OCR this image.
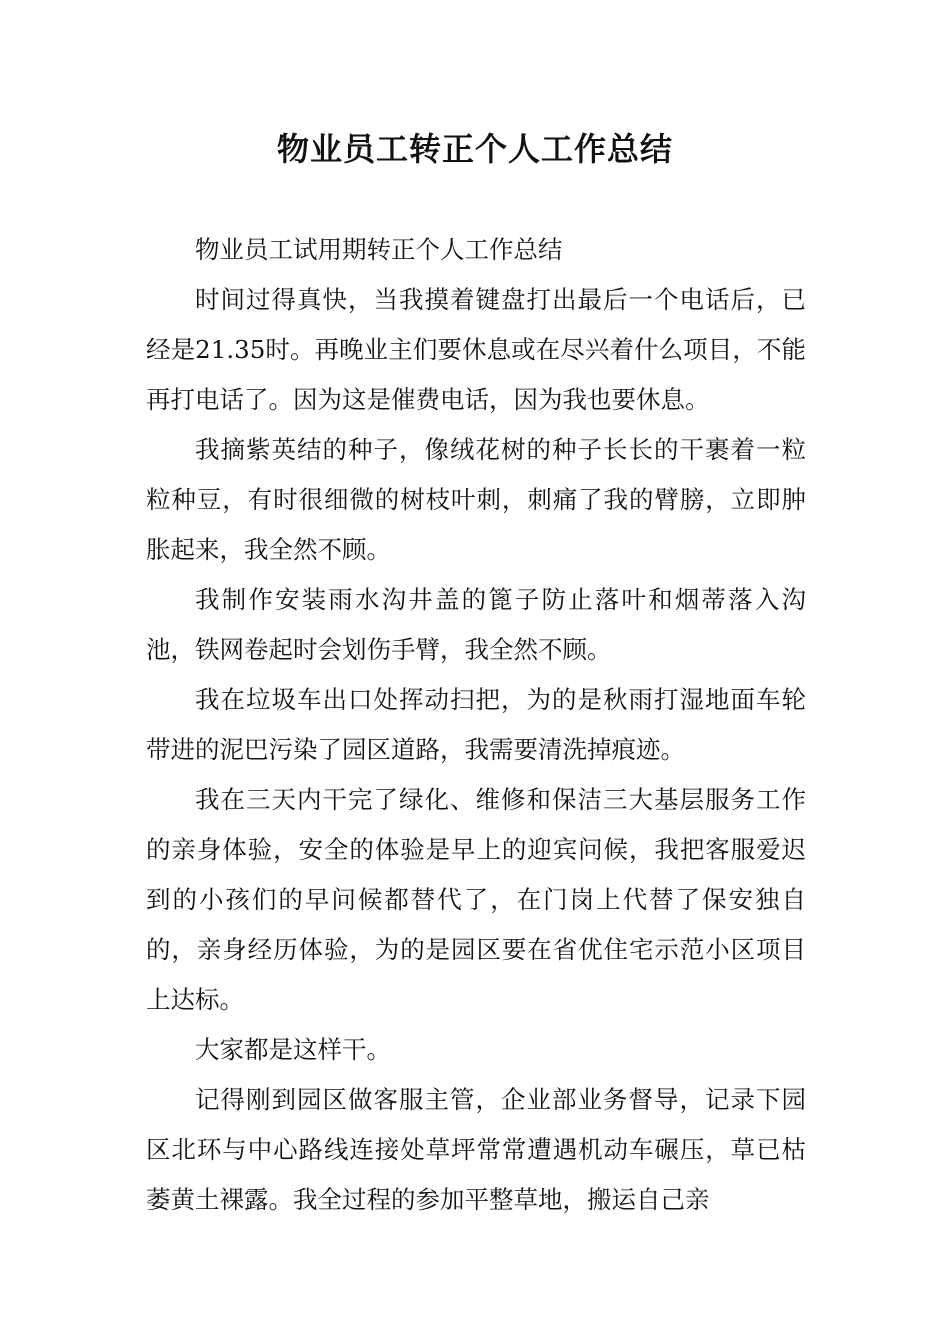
物业员工转正个人工作总结

物业员工试用期转正个人工作总结

时间过得真快，当我摸着键盘打出最后一个电话后，已经是21.35时。再晚业主们要休息或在尽兴着什么项目，不能再打电话了。因为这是催费电话，因为我也要休息。

我摘紫英结的种子，像绒花树的种子长长的干裹着一粒粒种豆，有时很细微的树枝叶刺，刺痛了我的臂膀，立即肿胀起来，我全然不顾。

我制作安装雨水沟井盖的篦子防止落叶和烟蒂落入沟池，铁网卷起时会划伤手臂，我全然不顾。

我在垃圾车出口处挥动扫把，为的是秋雨打湿地面车轮带进的泥巴污染了园区道路，我需要清洗掉痕迹。

我在三天内干完了绿化、维修和保洁三大基层服务工作的亲身体验，安全的体验是早上的迎宾问候，我把客服爱迟到的小孩们的早问候都替代了，在门岗上代替了保安独自的，亲身经历体验，为的是园区要在省优住宅示范小区项目上达标。

大家都是这样干。

记得刚到园区做客服主管，企业部业务督导，记录下园区北环与中心路线连接处草坪常常遭遇机动车碾压，草已枯萎黄土裸露。我全过程的参加平整草地，搬运自己亲
